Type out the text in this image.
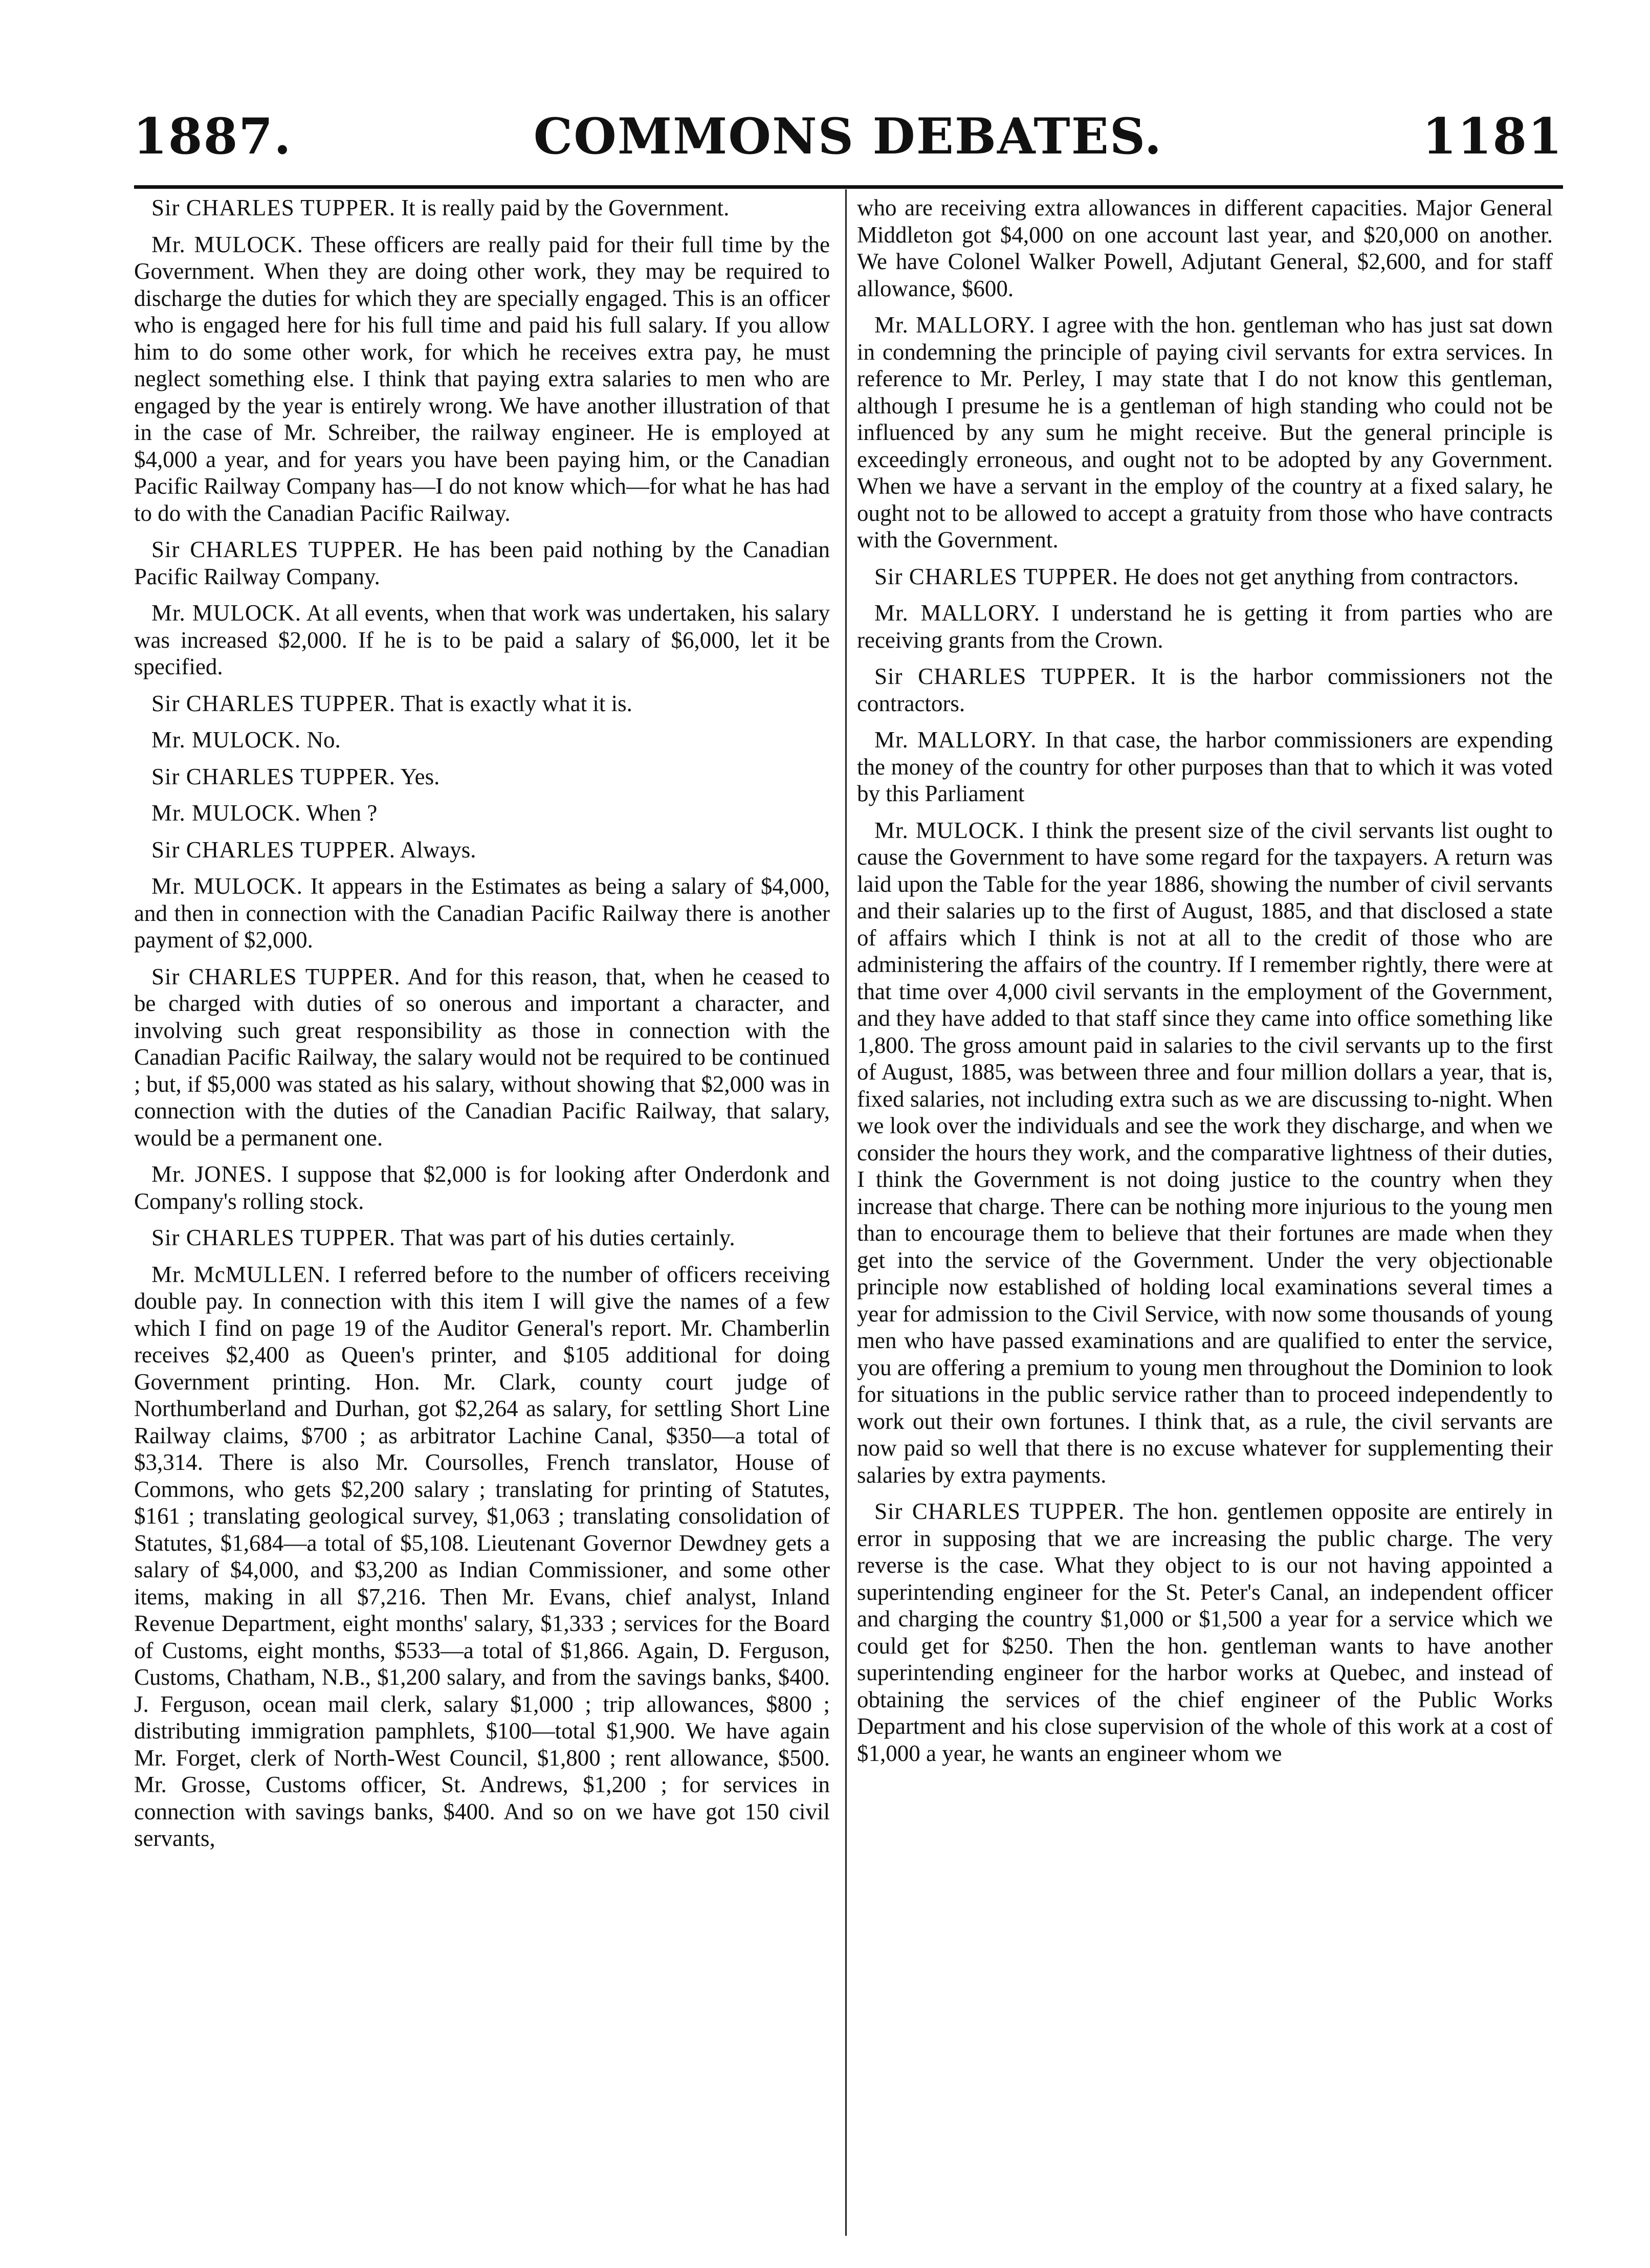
1887.	COMMONS DEBATES.	1181

Sir CHARLES TUPPER. It is really paid by the Government.

Mr. MULOCK. These officers are really paid for their full time by the Government. When they are doing other work, they may be required to discharge the duties for which they are specially engaged. This is an officer who is engaged here for his full time and paid his full salary. If you allow him to do some other work, for which he receives extra pay, he must neglect something else. I think that paying extra salaries to men who are engaged by the year is entirely wrong. We have another illustration of that in the case of Mr. Schreiber, the railway engineer. He is employed at $4,000 a year, and for years you have been paying him, or the Canadian Pacific Railway Company has—I do not know which—for what he has had to do with the Canadian Pacific Railway.

Sir CHARLES TUPPER. He has been paid nothing by the Canadian Pacific Railway Company.

Mr. MULOCK. At all events, when that work was undertaken, his salary was increased $2,000. If he is to be paid a salary of $6,000, let it be specified.

Sir CHARLES TUPPER. That is exactly what it is.

Mr. MULOCK. No.

Sir CHARLES TUPPER. Yes.

Mr. MULOCK. When ?

Sir CHARLES TUPPER. Always.

Mr. MULOCK. It appears in the Estimates as being a salary of $4,000, and then in connection with the Canadian Pacific Railway there is another payment of $2,000.

Sir CHARLES TUPPER. And for this reason, that, when he ceased to be charged with duties of so onerous and important a character, and involving such great responsibility as those in connection with the Canadian Pacific Railway, the salary would not be required to be continued ; but, if $5,000 was stated as his salary, without showing that $2,000 was in connection with the duties of the Canadian Pacific Railway, that salary, would be a permanent one.

Mr. JONES. I suppose that $2,000 is for looking after Onderdonk and Company's rolling stock.

Sir CHARLES TUPPER. That was part of his duties certainly.

Mr. McMULLEN. I referred before to the number of officers receiving double pay. In connection with this item I will give the names of a few which I find on page 19 of the Auditor General's report. Mr. Chamberlin receives $2,400 as Queen's printer, and $105 additional for doing Government printing. Hon. Mr. Clark, county court judge of Northumberland and Durhan, got $2,264 as salary, for settling Short Line Railway claims, $700 ; as arbitrator Lachine Canal, $350—a total of $3,314. There is also Mr. Coursolles, French translator, House of Commons, who gets $2,200 salary ; translating for printing of Statutes, $161 ; translating geological survey, $1,063 ; translating consolidation of Statutes, $1,684—a total of $5,108. Lieutenant Governor Dewdney gets a salary of $4,000, and $3,200 as Indian Commissioner, and some other items, making in all $7,216. Then Mr. Evans, chief analyst, Inland Revenue Department, eight months' salary, $1,333 ; services for the Board of Customs, eight months, $533—a total of $1,866. Again, D. Ferguson, Customs, Chatham, N.B., $1,200 salary, and from the savings banks, $400. J. Ferguson, ocean mail clerk, salary $1,000 ; trip allowances, $800 ; distributing immigration pamphlets, $100—total $1,900. We have again Mr. Forget, clerk of North-West Council, $1,800 ; rent allowance, $500. Mr. Grosse, Customs officer, St. Andrews, $1,200 ; for services in connection with savings banks, $400. And so on we have got 150 civil servants,

who are receiving extra allowances in different capacities. Major General Middleton got $4,000 on one account last year, and $20,000 on another. We have Colonel Walker Powell, Adjutant General, $2,600, and for staff allowance, $600.

Mr. MALLORY. I agree with the hon. gentleman who has just sat down in condemning the principle of paying civil servants for extra services. In reference to Mr. Perley, I may state that I do not know this gentleman, although I presume he is a gentleman of high standing who could not be influenced by any sum he might receive. But the general principle is exceedingly erroneous, and ought not to be adopted by any Government. When we have a servant in the employ of the country at a fixed salary, he ought not to be allowed to accept a gratuity from those who have contracts with the Government.

Sir CHARLES TUPPER. He does not get anything from contractors.

Mr. MALLORY. I understand he is getting it from parties who are receiving grants from the Crown.

Sir CHARLES TUPPER. It is the harbor commissioners not the contractors.

Mr. MALLORY. In that case, the harbor commissioners are expending the money of the country for other purposes than that to which it was voted by this Parliament

Mr. MULOCK. I think the present size of the civil servants list ought to cause the Government to have some regard for the taxpayers. A return was laid upon the Table for the year 1886, showing the number of civil servants and their salaries up to the first of August, 1885, and that disclosed a state of affairs which I think is not at all to the credit of those who are administering the affairs of the country. If I remember rightly, there were at that time over 4,000 civil servants in the employment of the Government, and they have added to that staff since they came into office something like 1,800. The gross amount paid in salaries to the civil servants up to the first of August, 1885, was between three and four million dollars a year, that is, fixed salaries, not including extra such as we are discussing to-night. When we look over the individuals and see the work they discharge, and when we consider the hours they work, and the comparative lightness of their duties, I think the Government is not doing justice to the country when they increase that charge. There can be nothing more injurious to the young men than to encourage them to believe that their fortunes are made when they get into the service of the Government. Under the very objectionable principle now established of holding local examinations several times a year for admission to the Civil Service, with now some thousands of young men who have passed examinations and are qualified to enter the service, you are offering a premium to young men throughout the Dominion to look for situations in the public service rather than to proceed independently to work out their own fortunes. I think that, as a rule, the civil servants are now paid so well that there is no excuse whatever for supplementing their salaries by extra payments.

Sir CHARLES TUPPER. The hon. gentlemen opposite are entirely in error in supposing that we are increasing the public charge. The very reverse is the case. What they object to is our not having appointed a superintending engineer for the St. Peter's Canal, an independent officer and charging the country $1,000 or $1,500 a year for a service which we could get for $250. Then the hon. gentleman wants to have another superintending engineer for the harbor works at Quebec, and instead of obtaining the services of the chief engineer of the Public Works Department and his close supervision of the whole of this work at a cost of $1,000 a year, he wants an engineer whom we
